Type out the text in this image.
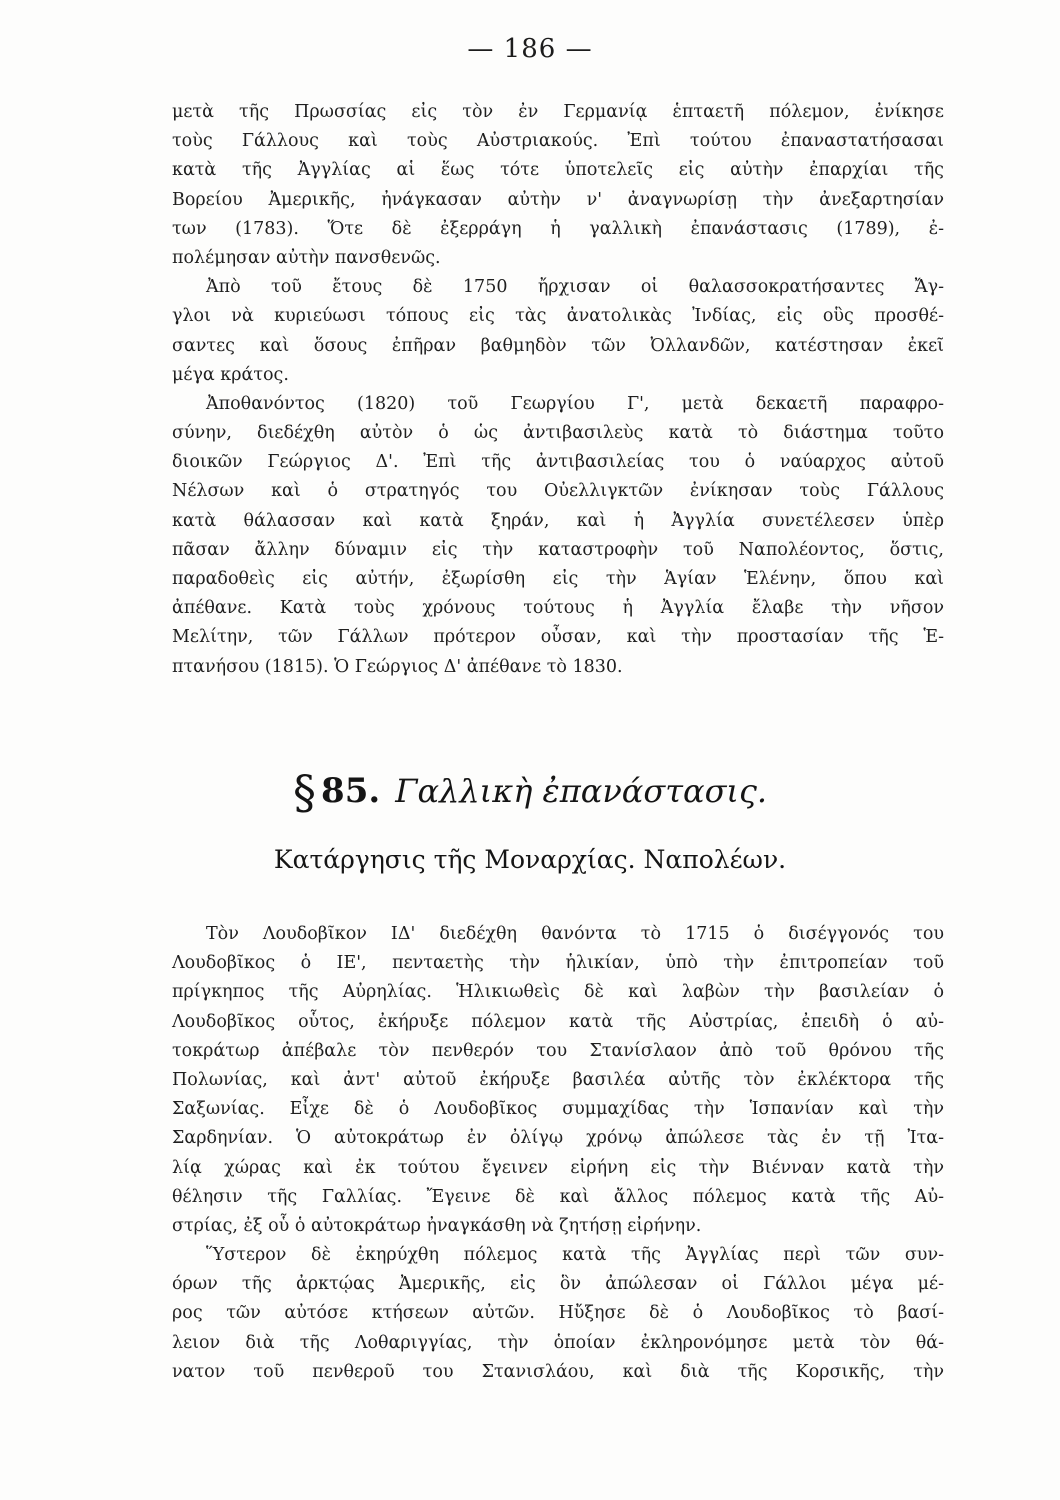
— 186 —
μετὰ τῆς Πρωσσίας εἰς τὸν ἐν Γερμανίᾳ ἑπταετῆ πόλεμον, ἐνίκησε
τοὺς Γάλλους καὶ τοὺς Αὐστριακούς. Ἐπὶ τούτου ἐπαναστατήσασαι
κατὰ τῆς Ἀγγλίας αἱ ἕως τότε ὑποτελεῖς εἰς αὐτὴν ἐπαρχίαι τῆς
Βορείου Ἀμερικῆς, ἠνάγκασαν αὐτὴν ν' ἀναγνωρίσῃ τὴν ἀνεξαρτησίαν
των (1783). Ὅτε δὲ ἐξερράγη ἡ γαλλικὴ ἐπανάστασις (1789), ἐ-
πολέμησαν αὐτὴν πανσθενῶς.
Ἀπὸ τοῦ ἔτους δὲ 1750 ἤρχισαν οἱ θαλασσοκρατήσαντες Ἄγ-
γλοι νὰ κυριεύωσι τόπους εἰς τὰς ἀνατολικὰς Ἰνδίας, εἰς οὓς προσθέ-
σαντες καὶ ὅσους ἐπῆραν βαθμηδὸν τῶν Ὀλλανδῶν, κατέστησαν ἐκεῖ
μέγα κράτος.
Ἀποθανόντος (1820) τοῦ Γεωργίου Γ', μετὰ δεκαετῆ παραφρο-
σύνην, διεδέχθη αὐτὸν ὁ ὡς ἀντιβασιλεὺς κατὰ τὸ διάστημα τοῦτο
διοικῶν Γεώργιος Δ'. Ἐπὶ τῆς ἀντιβασιλείας του ὁ ναύαρχος αὐτοῦ
Νέλσων καὶ ὁ στρατηγός του Οὐελλιγκτῶν ἐνίκησαν τοὺς Γάλλους
κατὰ θάλασσαν καὶ κατὰ ξηράν, καὶ ἡ Ἀγγλία συνετέλεσεν ὑπὲρ
πᾶσαν ἄλλην δύναμιν εἰς τὴν καταστροφὴν τοῦ Ναπολέοντος, ὅστις,
παραδοθεὶς εἰς αὐτήν, ἐξωρίσθη εἰς τὴν Ἁγίαν Ἑλένην, ὅπου καὶ
ἀπέθανε. Κατὰ τοὺς χρόνους τούτους ἡ Ἀγγλία ἔλαβε τὴν νῆσον
Μελίτην, τῶν Γάλλων πρότερον οὖσαν, καὶ τὴν προστασίαν τῆς Ἑ-
πτανήσου (1815). Ὁ Γεώργιος Δ' ἀπέθανε τὸ 1830.
§ 85. Γαλλικὴ ἐπανάστασις.
Κατάργησις τῆς Μοναρχίας. Ναπολέων.
Τὸν Λουδοβῖκον ΙΔ' διεδέχθη θανόντα τὸ 1715 ὁ δισέγγονός του
Λουδοβῖκος ὁ ΙΕ', πενταετὴς τὴν ἡλικίαν, ὑπὸ τὴν ἐπιτροπείαν τοῦ
πρίγκηπος τῆς Αὐρηλίας. Ἡλικιωθεὶς δὲ καὶ λαβὼν τὴν βασιλείαν ὁ
Λουδοβῖκος οὗτος, ἐκήρυξε πόλεμον κατὰ τῆς Αὐστρίας, ἐπειδὴ ὁ αὐ-
τοκράτωρ ἀπέβαλε τὸν πενθερόν του Στανίσλαον ἀπὸ τοῦ θρόνου τῆς
Πολωνίας, καὶ ἀντ' αὐτοῦ ἐκήρυξε βασιλέα αὐτῆς τὸν ἐκλέκτορα τῆς
Σαξωνίας. Εἶχε δὲ ὁ Λουδοβῖκος συμμαχίδας τὴν Ἱσπανίαν καὶ τὴν
Σαρδηνίαν. Ὁ αὐτοκράτωρ ἐν ὀλίγῳ χρόνῳ ἀπώλεσε τὰς ἐν τῇ Ἰτα-
λίᾳ χώρας καὶ ἐκ τούτου ἔγεινεν εἰρήνη εἰς τὴν Βιένναν κατὰ τὴν
θέλησιν τῆς Γαλλίας. Ἔγεινε δὲ καὶ ἄλλος πόλεμος κατὰ τῆς Αὐ-
στρίας, ἐξ οὗ ὁ αὐτοκράτωρ ἠναγκάσθη νὰ ζητήσῃ εἰρήνην.
Ὕστερον δὲ ἐκηρύχθη πόλεμος κατὰ τῆς Ἀγγλίας περὶ τῶν συν-
όρων τῆς ἀρκτῴας Ἀμερικῆς, εἰς ὃν ἀπώλεσαν οἱ Γάλλοι μέγα μέ-
ρος τῶν αὐτόσε κτήσεων αὐτῶν. Ηὔξησε δὲ ὁ Λουδοβῖκος τὸ βασί-
λειον διὰ τῆς Λοθαριγγίας, τὴν ὁποίαν ἐκληρονόμησε μετὰ τὸν θά-
νατον τοῦ πενθεροῦ του Στανισλάου, καὶ διὰ τῆς Κορσικῆς, τὴν
